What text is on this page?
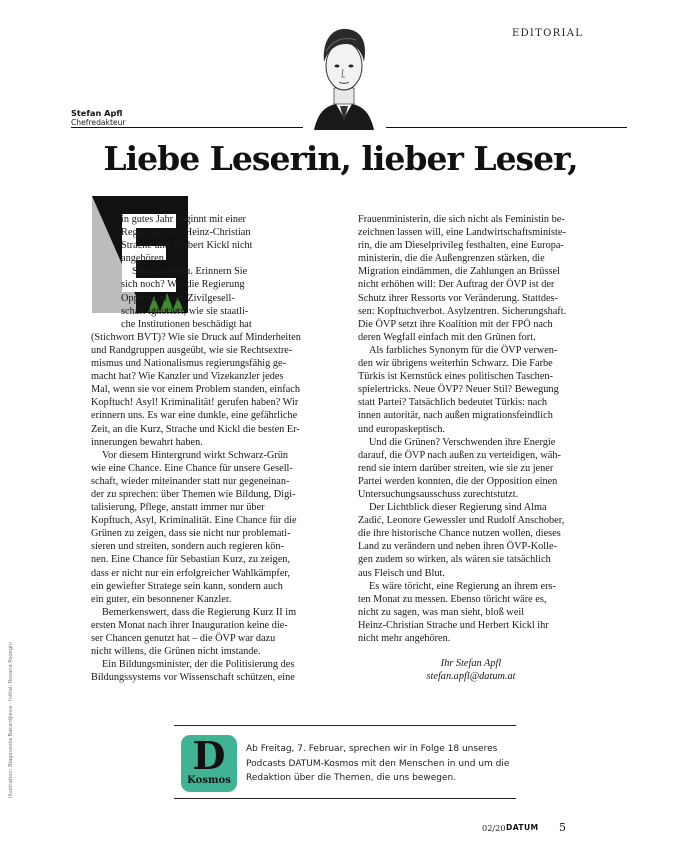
EDITORIAL
Stefan Apfl
Chefredakteur
Liebe Leserin, lieber Leser,
in gutes Jahr beginnt mit einer
Regierung, der Heinz-Christian
Strache und Herbert Kickl nicht
angehören.
Schwarz-Blau. Erinnern Sie
sich noch? Wie die Regierung
Opposition und Zivilgesell-
schaft ignoriert, wie sie staatli-
che Institutionen beschädigt hat
(Stichwort BVT)? Wie sie Druck auf Minderheiten
und Randgruppen ausgeübt, wie sie Rechtsextre-
mismus und Nationalismus regierungsfähig ge-
macht hat? Wie Kanzler und Vizekanzler jedes
Mal, wenn sie vor einem Problem standen, einfach
Kopftuch! Asyl! Kriminalität! gerufen haben? Wir
erinnern uns. Es war eine dunkle, eine gefährliche
Zeit, an die Kurz, Strache und Kickl die besten Er-
innerungen bewahrt haben.
Vor diesem Hintergrund wirkt Schwarz-Grün
wie eine Chance. Eine Chance für unsere Gesell-
schaft, wieder miteinander statt nur gegeneinan-
der zu sprechen: über Themen wie Bildung, Digi-
talisierung, Pflege, anstatt immer nur über
Kopftuch, Asyl, Kriminalität. Eine Chance für die
Grünen zu zeigen, dass sie nicht nur problemati-
sieren und streiten, sondern auch regieren kön-
nen. Eine Chance für Sebastian Kurz, zu zeigen,
dass er nicht nur ein erfolgreicher Wahlkämpfer,
ein gewiefter Stratege sein kann, sondern auch
ein guter, ein besonnener Kanzler.
Bemerkenswert, dass die Regierung Kurz II im
ersten Monat nach ihrer Inauguration keine die-
ser Chancen genutzt hat – die ÖVP war dazu
nicht willens, die Grünen nicht imstande.
Ein Bildungsminister, der die Politisierung des
Bildungssystems vor Wissenschaft schützen, eine
Frauenministerin, die sich nicht als Feministin be-
zeichnen lassen will, eine Landwirtschaftsministe-
rin, die am Dieselprivileg festhalten, eine Europa-
ministerin, die die Außengrenzen stärken, die
Migration eindämmen, die Zahlungen an Brüssel
nicht erhöhen will: Der Auftrag der ÖVP ist der
Schutz ihrer Ressorts vor Veränderung. Stattdes-
sen: Kopftuchverbot. Asylzentren. Sicherungshaft.
Die ÖVP setzt ihre Koalition mit der FPÖ nach
deren Wegfall einfach mit den Grünen fort.
Als farbliches Synonym für die ÖVP verwen-
den wir übrigens weiterhin Schwarz. Die Farbe
Türkis ist Kernstück eines politischen Taschen-
spielertricks. Neue ÖVP? Neuer Stil? Bewegung
statt Partei? Tatsächlich bedeutet Türkis: nach
innen autoritär, nach außen migrationsfeindlich
und europaskeptisch.
Und die Grünen? Verschwenden ihre Energie
darauf, die ÖVP nach außen zu verteidigen, wäh-
rend sie intern darüber streiten, wie sie zu jener
Partei werden konnten, die der Opposition einen
Untersuchungsausschuss zurechtstutzt.
Der Lichtblick dieser Regierung sind Alma
Zadić, Leonore Gewessler und Rudolf Anschober,
die ihre historische Chance nutzen wollen, dieses
Land zu verändern und neben ihren ÖVP-Kolle-
gen zudem so wirken, als wären sie tatsächlich
aus Fleisch und Blut.
Es wäre töricht, eine Regierung an ihrem ers-
ten Monat zu messen. Ebenso töricht wäre es,
nicht zu sagen, was man sieht, bloß weil
Heinz-Christian Strache und Herbert Kickl ihr
nicht mehr angehören.
Ihr Stefan Apfl
stefan.apfl@datum.at
Illustration: Blagovesta Bakardjieva · Initial: Rosana Rozeghi	D
Kosmos
Ab Freitag, 7. Februar, sprechen wir in Folge 18 unseres
Podcasts DATUM-Kosmos mit den Menschen in und um die
Redaktion über die Themen, die uns bewegen.
02/20 DATUM 5
